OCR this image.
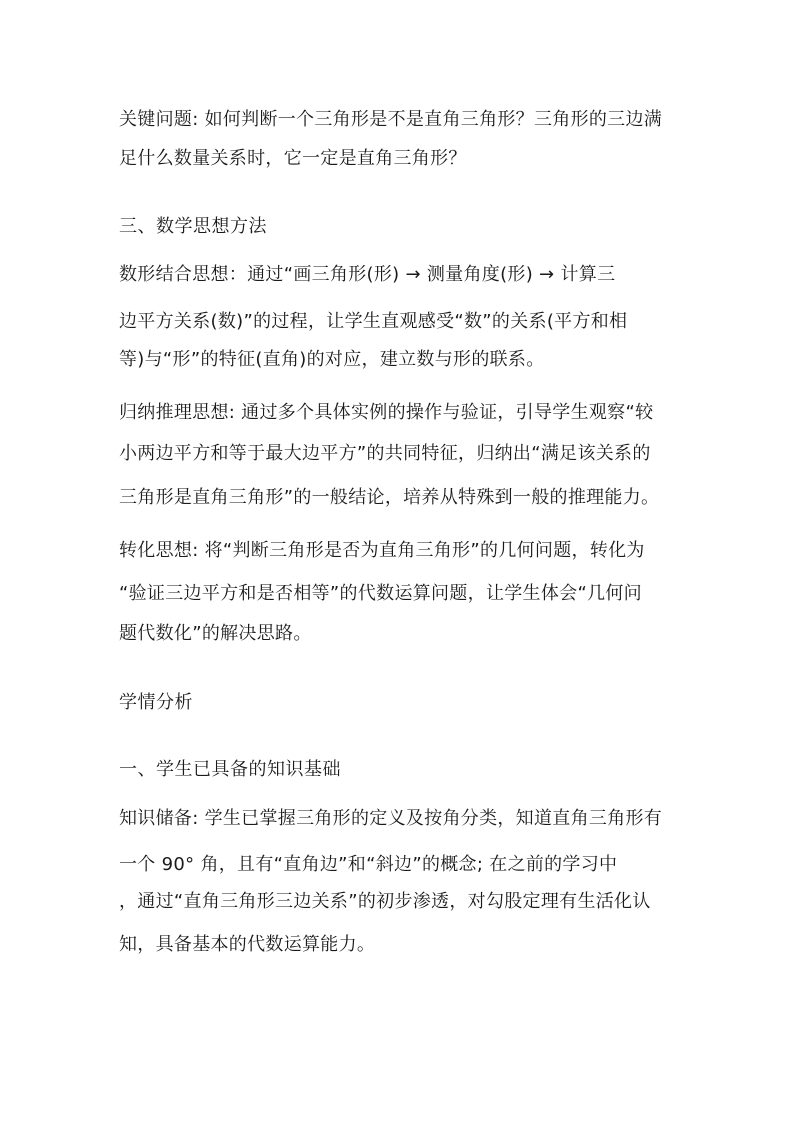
关键问题: 如何判断一个三角形是不是直角三角形？三角形的三边满
足什么数量关系时，它一定是直角三角形？
三、数学思想方法
数形结合思想：通过“画三角形(形) → 测量角度(形) → 计算三
边平方关系(数)”的过程，让学生直观感受“数”的关系(平方和相
等)与“形”的特征(直角)的对应，建立数与形的联系。
归纳推理思想: 通过多个具体实例的操作与验证，引导学生观察“较
小两边平方和等于最大边平方”的共同特征，归纳出“满足该关系的
三角形是直角三角形”的一般结论，培养从特殊到一般的推理能力。
转化思想: 将“判断三角形是否为直角三角形”的几何问题，转化为
“验证三边平方和是否相等”的代数运算问题，让学生体会“几何问
题代数化”的解决思路。
学情分析
一、学生已具备的知识基础
知识储备: 学生已掌握三角形的定义及按角分类，知道直角三角形有
一个 90° 角，且有“直角边”和“斜边”的概念; 在之前的学习中
，通过“直角三角形三边关系”的初步渗透，对勾股定理有生活化认
知，具备基本的代数运算能力。
